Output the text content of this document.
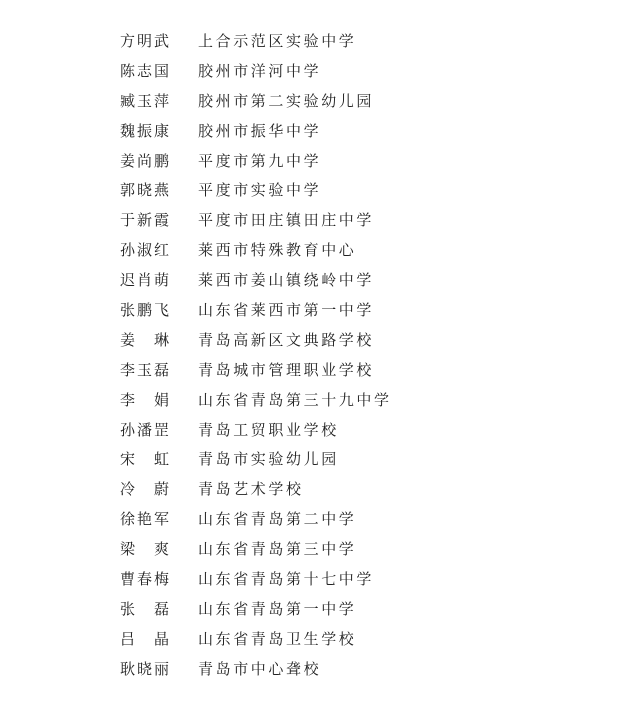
方明武 上合示范区实验中学
陈志国 胶州市洋河中学
臧玉萍 胶州市第二实验幼儿园
魏振康 胶州市振华中学
姜尚鹏 平度市第九中学
郭晓燕 平度市实验中学
于新霞 平度市田庄镇田庄中学
孙淑红 莱西市特殊教育中心
迟肖萌 莱西市姜山镇绕岭中学
张鹏飞 山东省莱西市第一中学
姜　琳 青岛高新区文典路学校
李玉磊 青岛城市管理职业学校
李　娟 山东省青岛第三十九中学
孙潘罡 青岛工贸职业学校
宋　虹 青岛市实验幼儿园
冷　蔚 青岛艺术学校
徐艳军 山东省青岛第二中学
梁　爽 山东省青岛第三中学
曹春梅 山东省青岛第十七中学
张　磊 山东省青岛第一中学
吕　晶 山东省青岛卫生学校
耿晓丽 青岛市中心聋校
